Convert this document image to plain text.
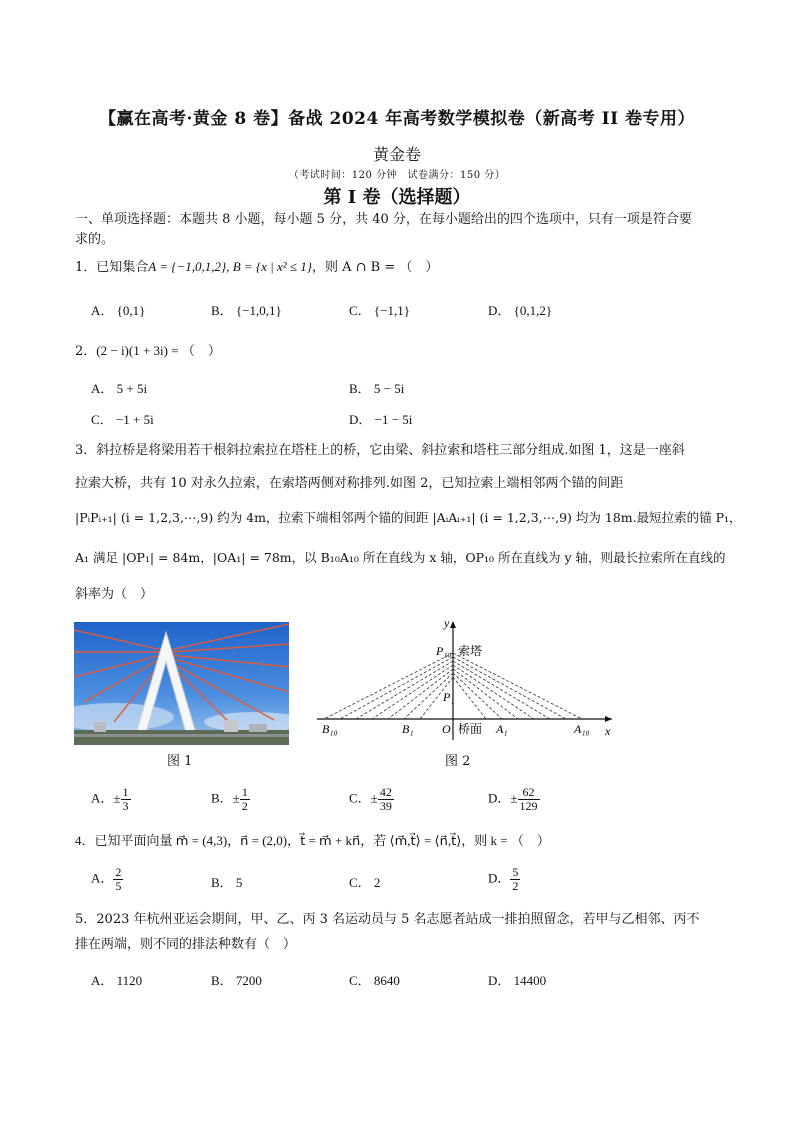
【赢在高考·黄金 8 卷】备战 2024 年高考数学模拟卷（新高考 II 卷专用）
黄金卷
（考试时间：120 分钟　试卷满分：150 分）
第 I 卷（选择题）
一、单项选择题：本题共 8 小题，每小题 5 分，共 40 分，在每小题给出的四个选项中，只有一项是符合要
求的。
1．已知集合A = {−1,0,1,2}, B = {x | x² ≤ 1}，则 A ∩ B = （　）
A． {0,1}	B． {−1,0,1}	C． {−1,1}	D． {0,1,2}
2．(2 − i)(1 + 3i) = （　）
A． 5 + 5i	B． 5 − 5i
C． −1 + 5i	D． −1 − 5i
3．斜拉桥是将梁用若干根斜拉索拉在塔柱上的桥，它由梁、斜拉索和塔柱三部分组成.如图 1，这是一座斜
拉索大桥，共有 10 对永久拉索，在索塔两侧对称排列.如图 2，已知拉索上端相邻两个锚的间距
|PᵢPᵢ₊₁| (i = 1,2,3,⋯,9) 约为 4m，拉索下端相邻两个锚的间距 |AᵢAᵢ₊₁| (i = 1,2,3,⋯,9) 均为 18m.最短拉索的锚 P₁，
A₁ 满足 |OP₁| = 84m，|OA₁| = 78m，以 B₁₀A₁₀ 所在直线为 x 轴，OP₁₀ 所在直线为 y 轴，则最长拉索所在直线的
斜率为（　）
图 1
y
x
P₁₀ 索塔
P₁
B₁₀	B₁ O 桥面 A₁	A₁₀
图 2
A．± $\frac{1}{3}$	B．± $\frac{1}{2}$	C．± $\frac{42}{39}$	D．± $\frac{62}{129}$
4．已知平面向量 m⃗ = (4,3)，n⃗ = (2,0)，t⃗ = m⃗ + kn⃗，若 ⟨m⃗,t⃗⟩ = ⟨n⃗,t⃗⟩，则 k = （　）
A． $\frac{2}{5}$	B． 5	C． 2	D． $\frac{5}{2}$
5．2023 年杭州亚运会期间，甲、乙、丙 3 名运动员与 5 名志愿者站成一排拍照留念，若甲与乙相邻、丙不
排在两端，则不同的排法种数有（　）
A． 1120	B． 7200	C． 8640	D． 14400
